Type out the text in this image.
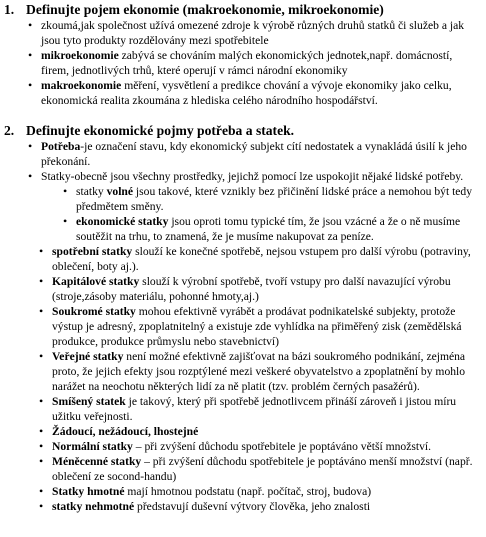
1. Definujte pojem ekonomie (makroekonomie, mikroekonomie)
• zkoumá,jak společnost užívá omezené zdroje k výrobě různých druhů statků či služeb a jak jsou tyto produkty rozdělovány mezi spotřebitele
• mikroekonomie zabývá se chováním malých ekonomických jednotek,např. domácností, firem, jednotlivých trhů, které operují v rámci národní ekonomiky
• makroekonomie měření, vysvětlení a predikce chování a vývoje ekonomiky jako celku, ekonomická realita zkoumána z hlediska celého národního hospodářství.
2. Definujte ekonomické pojmy potřeba a statek.
• Potřeba-je označení stavu, kdy ekonomický subjekt cítí nedostatek a vynakládá úsilí k jeho překonání.
• Statky-obecně jsou všechny prostředky, jejichž pomocí lze uspokojit nějaké lidské potřeby.
• statky volné jsou takové, které vznikly bez přičinění lidské práce a nemohou být tedy předmětem směny.
• ekonomické statky jsou oproti tomu typické tím, že jsou vzácné a že o ně musíme soutěžit na trhu, to znamená, že je musíme nakupovat za peníze.
• spotřební statky slouží ke konečné spotřebě, nejsou vstupem pro další výrobu (potraviny, oblečení, boty aj.).
• Kapitálové statky slouží k výrobní spotřebě, tvoří vstupy pro další navazující výrobu (stroje,zásoby materiálu, pohonné hmoty,aj.)
• Soukromé statky mohou efektivně vyrábět a prodávat podnikatelské subjekty, protože výstup je adresný, zpoplatnitelný a existuje zde vyhlídka na přiměřený zisk (zemědělská produkce, produkce průmyslu nebo stavebnictví)
• Veřejné statky není možné efektivně zajišťovat na bázi soukromého podnikání, zejména proto, že jejich efekty jsou rozptýlené mezi veškeré obyvatelstvo a zpoplatnění by mohlo narážet na neochotu některých lidí za ně platit (tzv. problém černých pasažérů).
• Smíšený statek je takový, který při spotřebě jednotlivcem přináší zároveň i jistou míru užitku veřejnosti.
• Žádoucí, nežádoucí, lhostejné
• Normální statky – při zvýšení důchodu spotřebitele je poptáváno větší množství.
• Méněcenné statky – při zvýšení důchodu spotřebitele je poptáváno menší množství (např. oblečení ze socond-handu)
• Statky hmotné mají hmotnou podstatu (např. počítač, stroj, budova)
• statky nehmotné představují duševní výtvory člověka, jeho znalosti
